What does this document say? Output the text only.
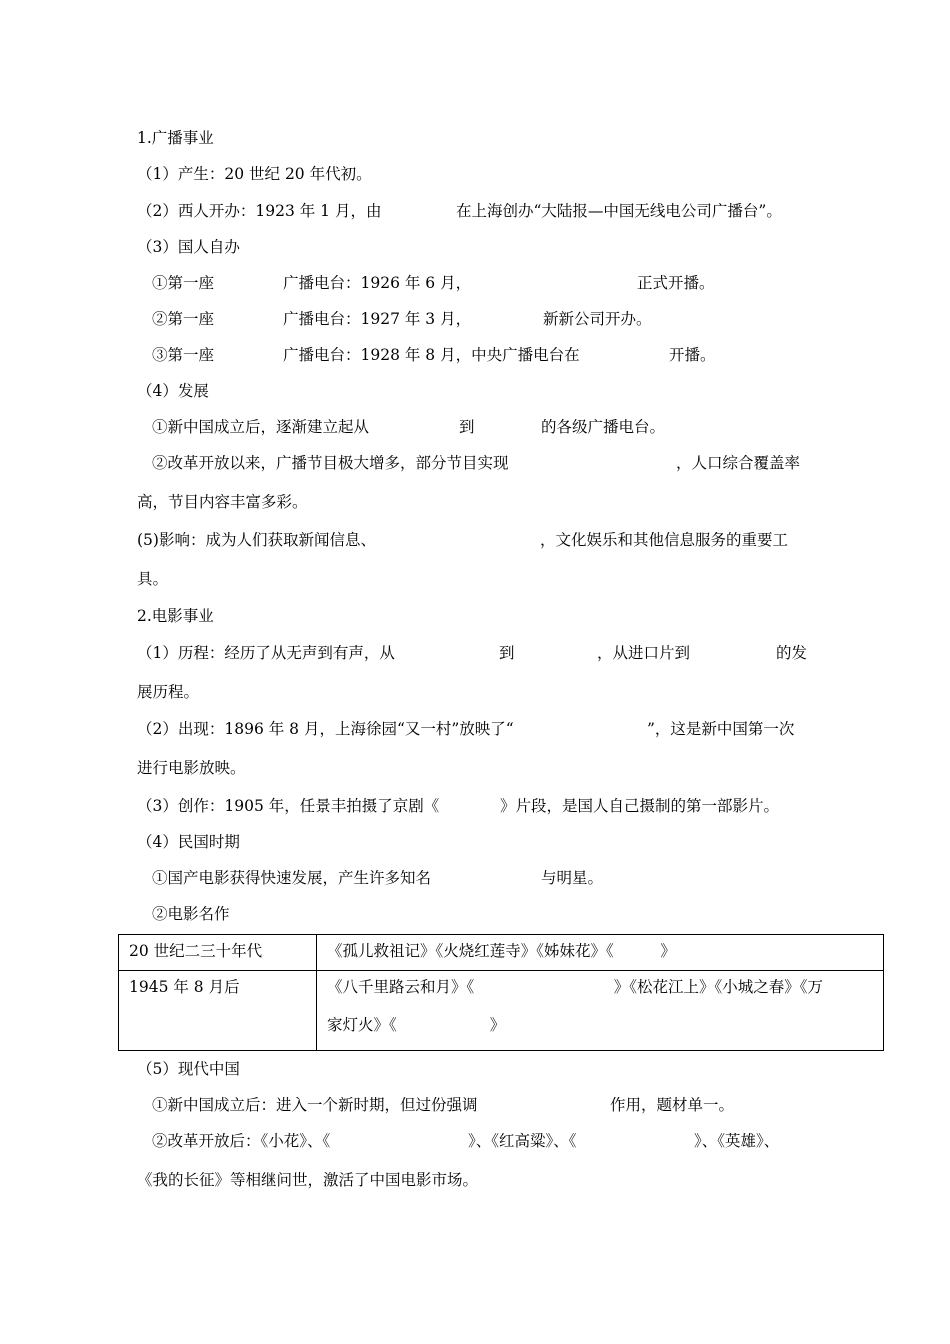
1.广播事业
（1）产生：20 世纪 20 年代初。
（2）西人开办：1923 年 1 月，由	在上海创办“大陆报—中国无线电公司广播台”。
（3）国人自办
①第一座	广播电台：1926 年 6 月，	正式开播。
②第一座	广播电台：1927 年 3 月，	新新公司开办。
③第一座	广播电台：1928 年 8 月，中央广播电台在	开播。
（4）发展
①新中国成立后，逐渐建立起从	到	的各级广播电台。
②改革开放以来，广播节目极大增多，部分节目实现	，人口综合覆盖率
高，节目内容丰富多彩。
(5)影响：成为人们获取新闻信息、	，文化娱乐和其他信息服务的重要工
具。
2.电影事业
（1）历程：经历了从无声到有声，从	到	，从进口片到	的发
展历程。
（2）出现：1896 年 8 月，上海徐园“又一村”放映了“	”，这是新中国第一次
进行电影放映。
（3）创作：1905 年，任景丰拍摄了京剧《	》片段，是国人自己摄制的第一部影片。
（4）民国时期
①国产电影获得快速发展，产生许多知名	与明星。
②电影名作
20 世纪二三十年代	《孤儿救祖记》《火烧红莲寺》《姊妹花》《　　　》

1945 年 8 月后	《八千里路云和月》《　　　　　　　　　》《松花江上》《小城之春》《万
家灯火》《　　　　　　》
（5）现代中国
①新中国成立后：进入一个新时期，但过份强调	作用，题材单一。
②改革开放后：《小花》、《	》、《红高粱》、《	》、《英雄》、
《我的长征》等相继问世，激活了中国电影市场。
